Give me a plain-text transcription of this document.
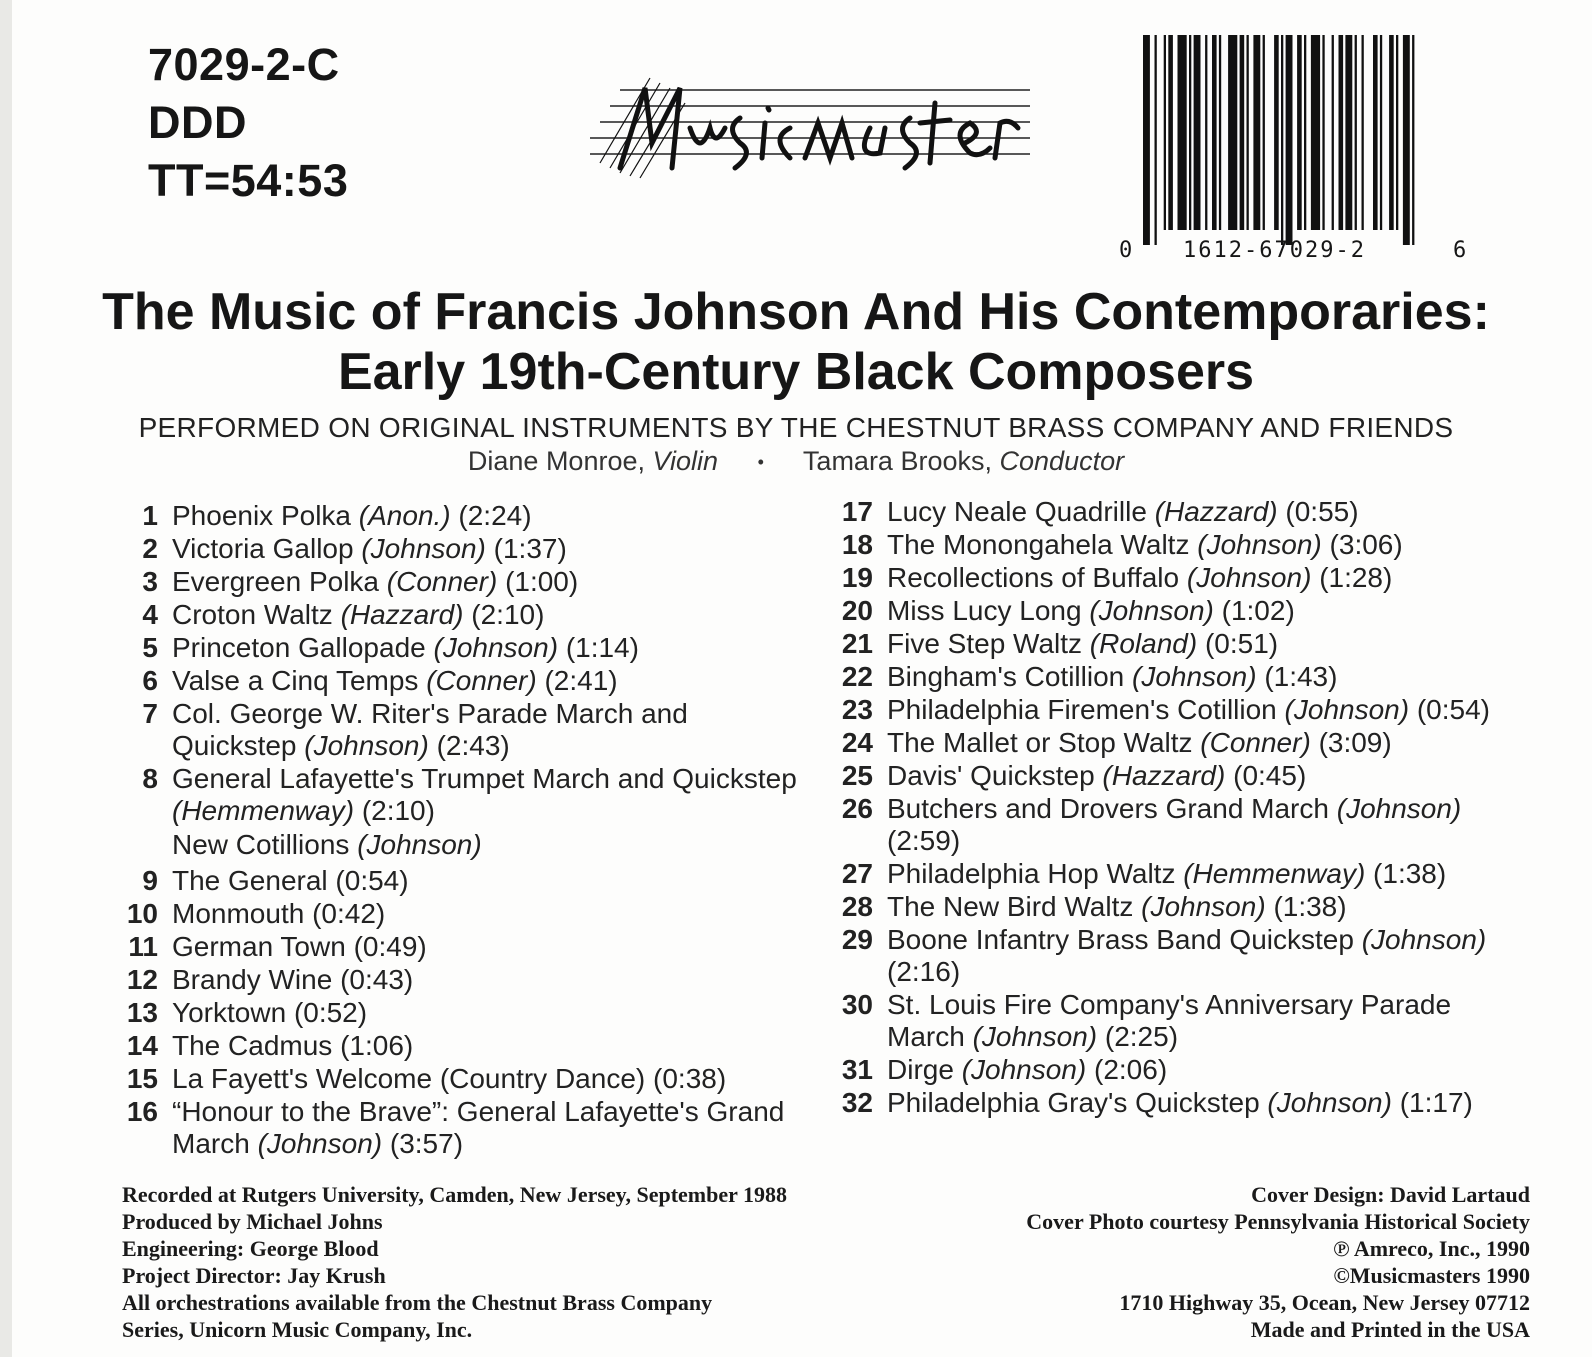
7029-2-C
DDD
TT=54:53
0 1612-67029-2	6
The Music of Francis Johnson And His Contemporaries:
Early 19th-Century Black Composers
PERFORMED ON ORIGINAL INSTRUMENTS BY THE CHESTNUT BRASS COMPANY AND FRIENDS
Diane Monroe, Violin • Tamara Brooks, Conductor
1 Phoenix Polka (Anon.) (2:24)
2 Victoria Gallop (Johnson) (1:37)
3 Evergreen Polka (Conner) (1:00)
4 Croton Waltz (Hazzard) (2:10)
5 Princeton Gallopade (Johnson) (1:14)
6 Valse a Cinq Temps (Conner) (2:41)
7 Col. George W. Riter's Parade March and Quickstep (Johnson) (2:43)
8 General Lafayette's Trumpet March and Quickstep (Hemmenway) (2:10)
New Cotillions (Johnson)
9 The General (0:54)
10 Monmouth (0:42)
11 German Town (0:49)
12 Brandy Wine (0:43)
13 Yorktown (0:52)
14 The Cadmus (1:06)
15 La Fayett's Welcome (Country Dance) (0:38)
16 “Honour to the Brave”: General Lafayette's Grand March (Johnson) (3:57)
17 Lucy Neale Quadrille (Hazzard) (0:55)
18 The Monongahela Waltz (Johnson) (3:06)
19 Recollections of Buffalo (Johnson) (1:28)
20 Miss Lucy Long (Johnson) (1:02)
21 Five Step Waltz (Roland) (0:51)
22 Bingham's Cotillion (Johnson) (1:43)
23 Philadelphia Firemen's Cotillion (Johnson) (0:54)
24 The Mallet or Stop Waltz (Conner) (3:09)
25 Davis' Quickstep (Hazzard) (0:45)
26 Butchers and Drovers Grand March (Johnson) (2:59)
27 Philadelphia Hop Waltz (Hemmenway) (1:38)
28 The New Bird Waltz (Johnson) (1:38)
29 Boone Infantry Brass Band Quickstep (Johnson) (2:16)
30 St. Louis Fire Company's Anniversary Parade March (Johnson) (2:25)
31 Dirge (Johnson) (2:06)
32 Philadelphia Gray's Quickstep (Johnson) (1:17)
Recorded at Rutgers University, Camden, New Jersey, September 1988
Produced by Michael Johns
Engineering: George Blood
Project Director: Jay Krush
All orchestrations available from the Chestnut Brass Company
Series, Unicorn Music Company, Inc.
Cover Design: David Lartaud
Cover Photo courtesy Pennsylvania Historical Society
℗ Amreco, Inc., 1990
©Musicmasters 1990
1710 Highway 35, Ocean, New Jersey 07712
Made and Printed in the USA
